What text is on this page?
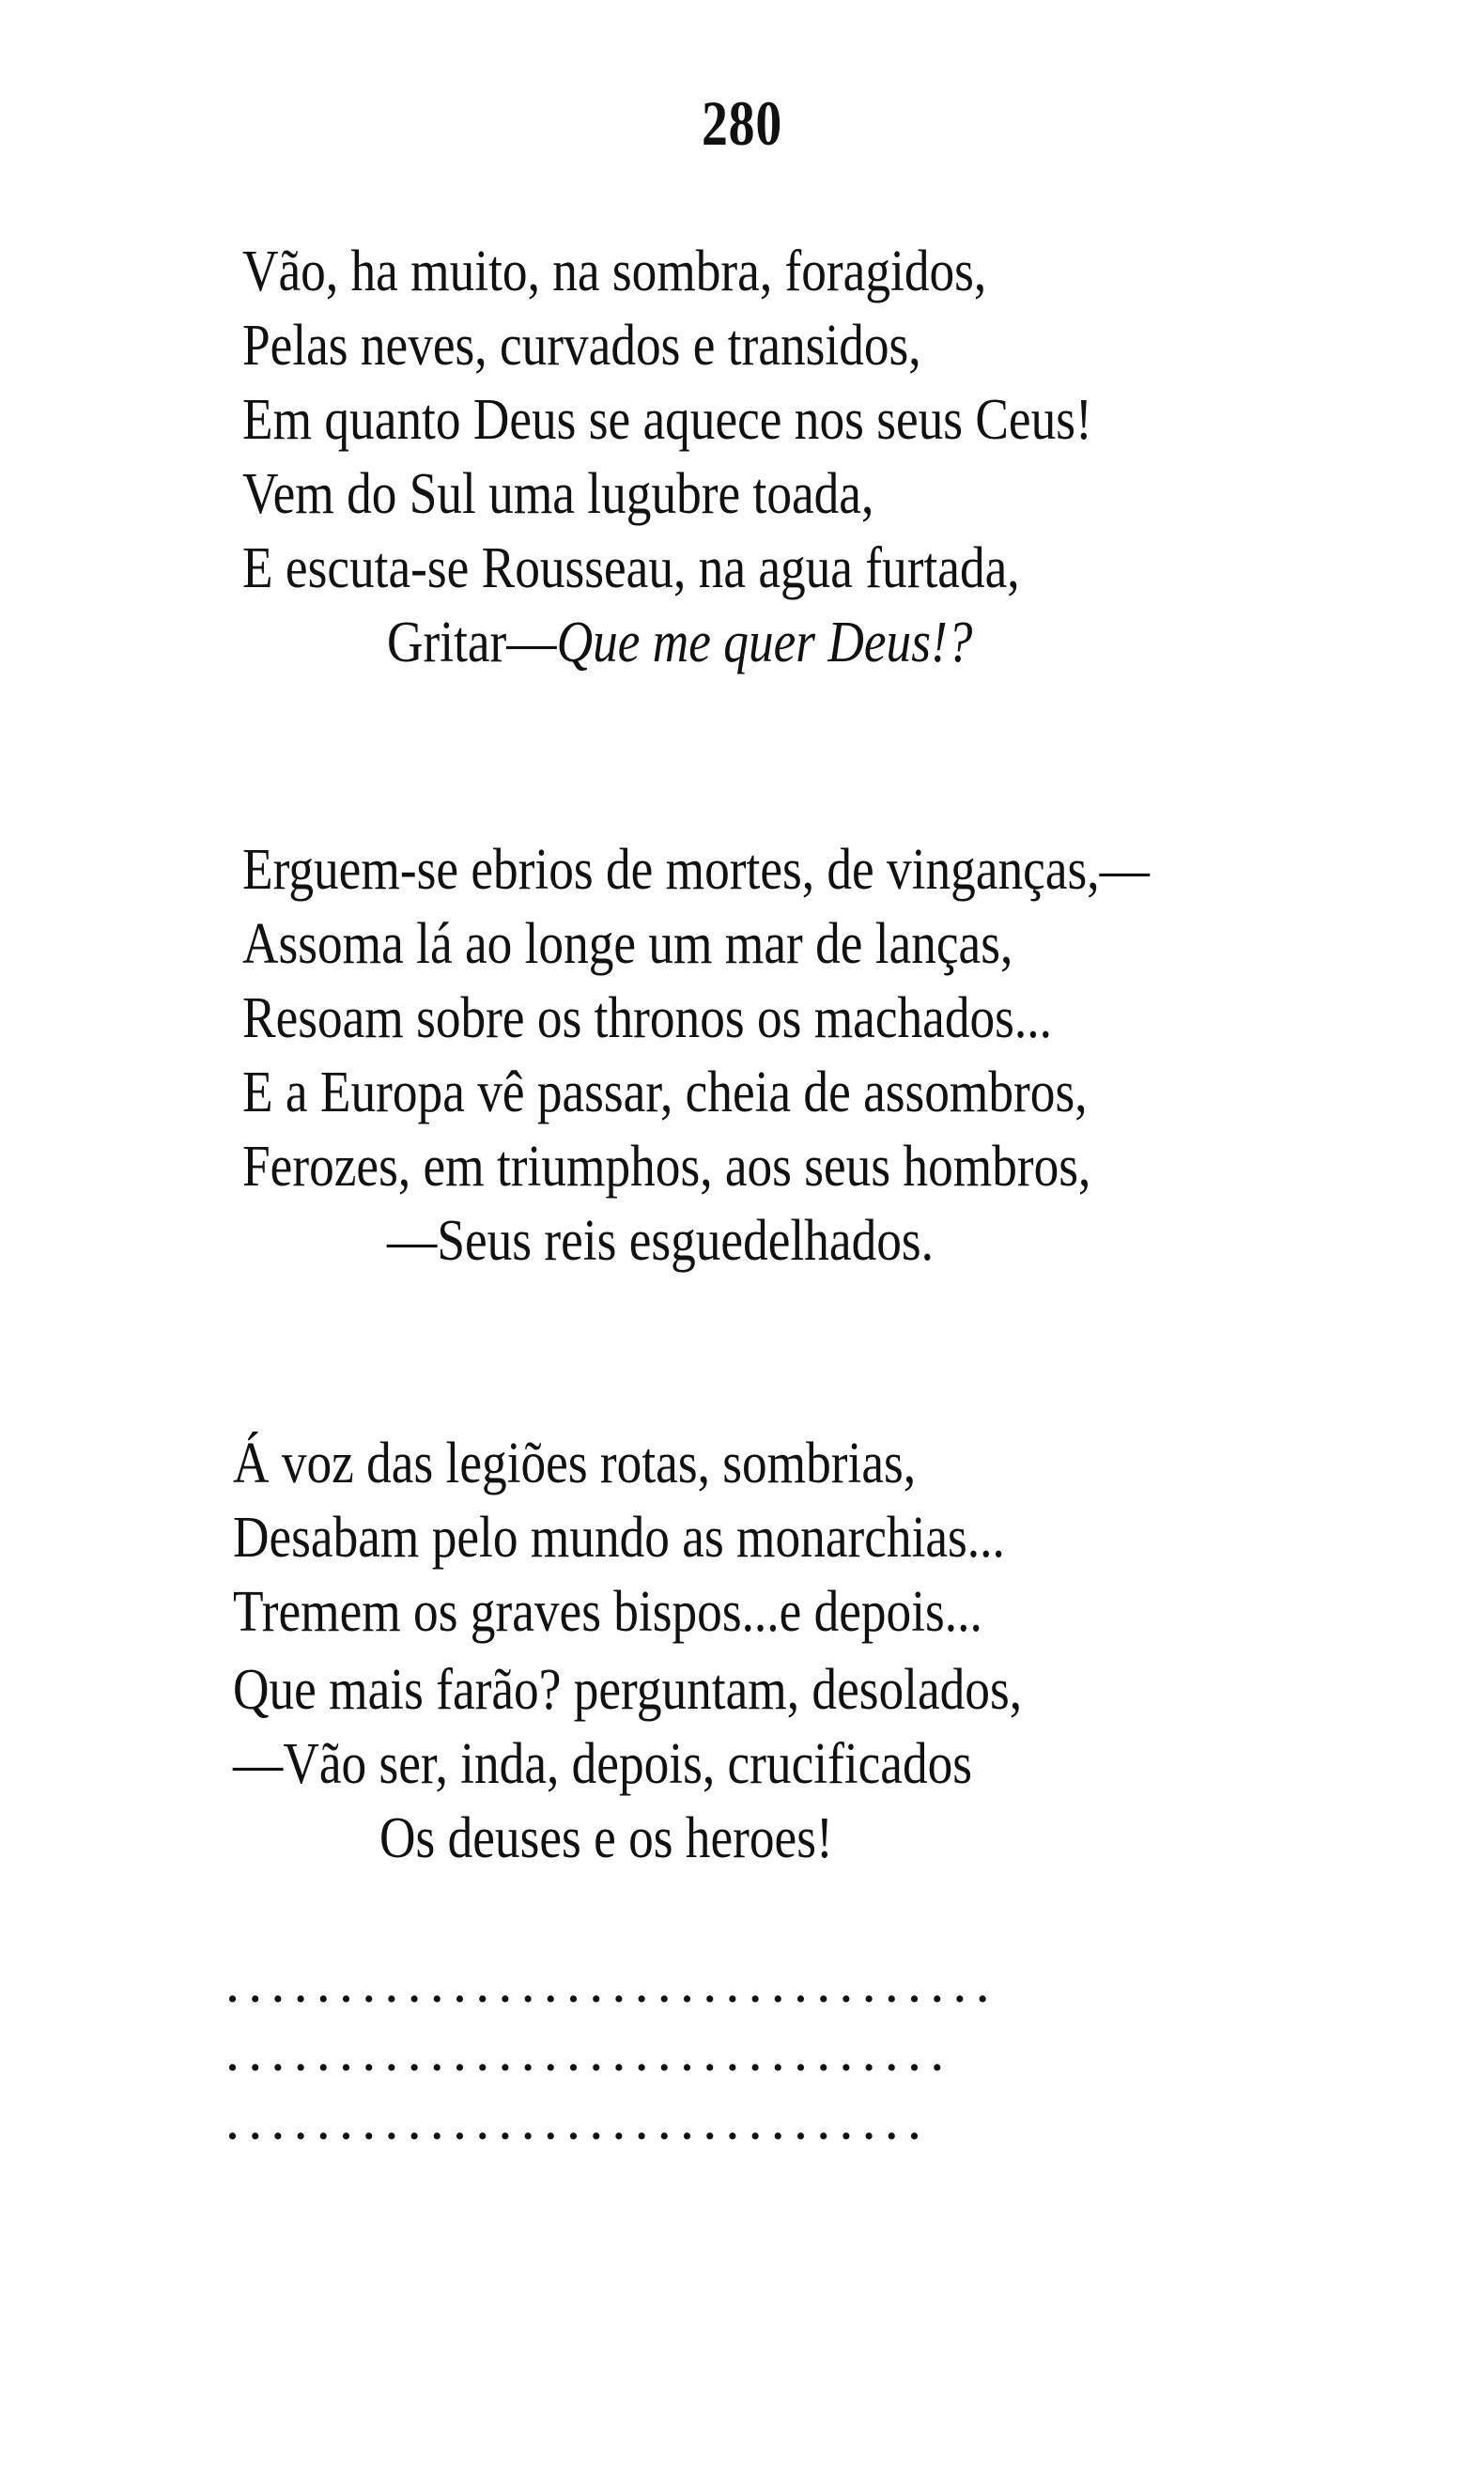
280
Vão, ha muito, na sombra, foragidos,
Pelas neves, curvados e transidos,
Em quanto Deus se aquece nos seus Ceus!
Vem do Sul uma lugubre toada,
E escuta-se Rousseau, na agua furtada,
Gritar—Que me quer Deus!?
Erguem-se ebrios de mortes, de vinganças,—
Assoma lá ao longe um mar de lanças,
Resoam sobre os thronos os machados...
E a Europa vê passar, cheia de assombros,
Ferozes, em triumphos, aos seus hombros,
—Seus reis esguedelhados.
Á voz das legiões rotas, sombrias,
Desabam pelo mundo as monarchias...
Tremem os graves bispos...e depois...
Que mais farão? perguntam, desolados,
—Vão ser, inda, depois, crucificados
Os deuses e os heroes!
..................................
................................
...............................
